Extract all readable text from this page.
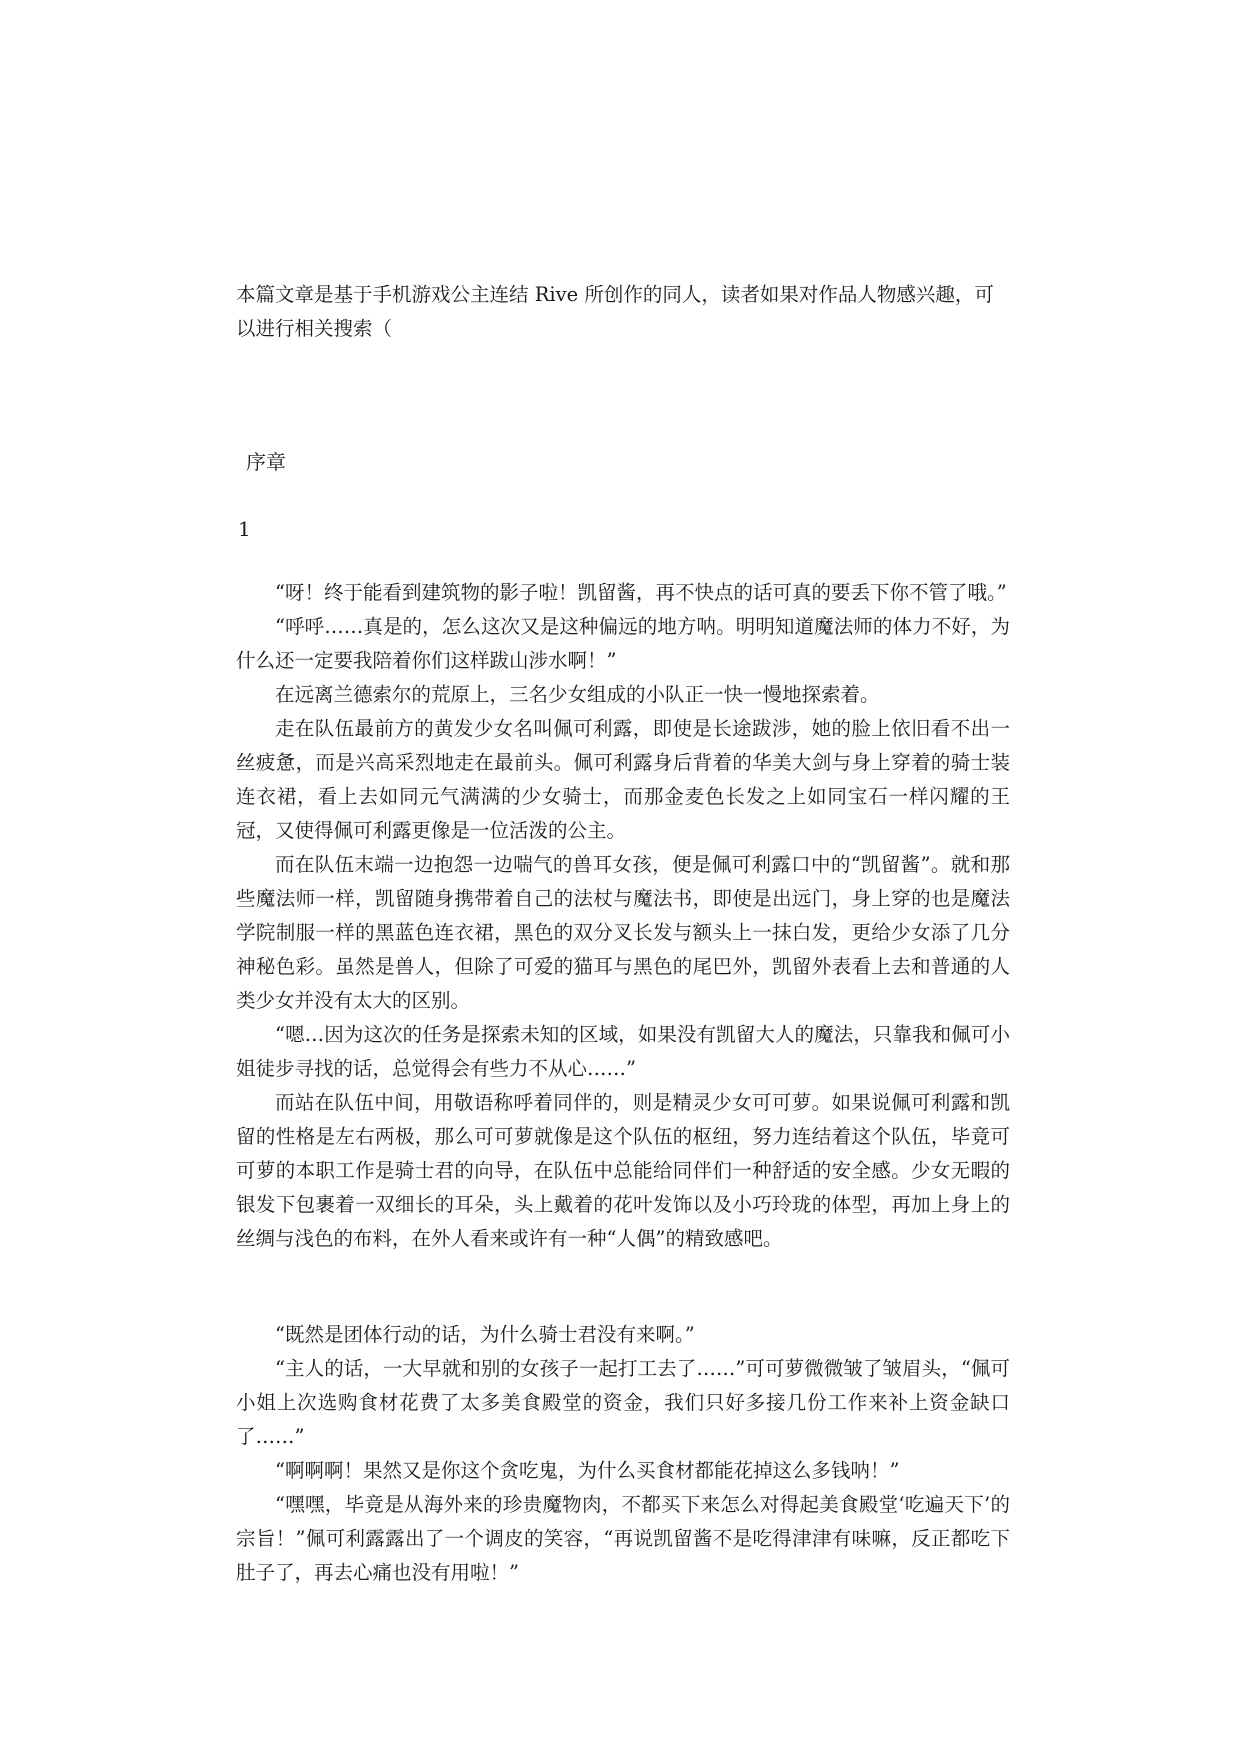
本篇文章是基于手机游戏公主连结 Rive 所创作的同人，读者如果对作品人物感兴趣，可以进行相关搜索（
序章
1

“呀！终于能看到建筑物的影子啦！凯留酱，再不快点的话可真的要丢下你不管了哦。”

“呼呼……真是的，怎么这次又是这种偏远的地方呐。明明知道魔法师的体力不好，为什么还一定要我陪着你们这样跋山涉水啊！”

在远离兰德索尔的荒原上，三名少女组成的小队正一快一慢地探索着。

走在队伍最前方的黄发少女名叫佩可利露，即使是长途跋涉，她的脸上依旧看不出一丝疲惫，而是兴高采烈地走在最前头。佩可利露身后背着的华美大剑与身上穿着的骑士装连衣裙，看上去如同元气满满的少女骑士，而那金麦色长发之上如同宝石一样闪耀的王冠，又使得佩可利露更像是一位活泼的公主。

而在队伍末端一边抱怨一边喘气的兽耳女孩，便是佩可利露口中的“凯留酱”。就和那些魔法师一样，凯留随身携带着自己的法杖与魔法书，即使是出远门，身上穿的也是魔法学院制服一样的黑蓝色连衣裙，黑色的双分叉长发与额头上一抹白发，更给少女添了几分神秘色彩。虽然是兽人，但除了可爱的猫耳与黑色的尾巴外，凯留外表看上去和普通的人类少女并没有太大的区别。

“嗯…因为这次的任务是探索未知的区域，如果没有凯留大人的魔法，只靠我和佩可小姐徒步寻找的话，总觉得会有些力不从心……”

而站在队伍中间，用敬语称呼着同伴的，则是精灵少女可可萝。如果说佩可利露和凯留的性格是左右两极，那么可可萝就像是这个队伍的枢纽，努力连结着这个队伍，毕竟可可萝的本职工作是骑士君的向导，在队伍中总能给同伴们一种舒适的安全感。少女无暇的银发下包裹着一双细长的耳朵，头上戴着的花叶发饰以及小巧玲珑的体型，再加上身上的丝绸与浅色的布料，在外人看来或许有一种“人偶”的精致感吧。

“既然是团体行动的话，为什么骑士君没有来啊。”

“主人的话，一大早就和别的女孩子一起打工去了……”可可萝微微皱了皱眉头，“佩可小姐上次选购食材花费了太多美食殿堂的资金，我们只好多接几份工作来补上资金缺口了……”

“啊啊啊！果然又是你这个贪吃鬼，为什么买食材都能花掉这么多钱呐！”

“嘿嘿，毕竟是从海外来的珍贵魔物肉，不都买下来怎么对得起美食殿堂‘吃遍天下’的宗旨！”佩可利露露出了一个调皮的笑容，“再说凯留酱不是吃得津津有味嘛，反正都吃下肚子了，再去心痛也没有用啦！”
